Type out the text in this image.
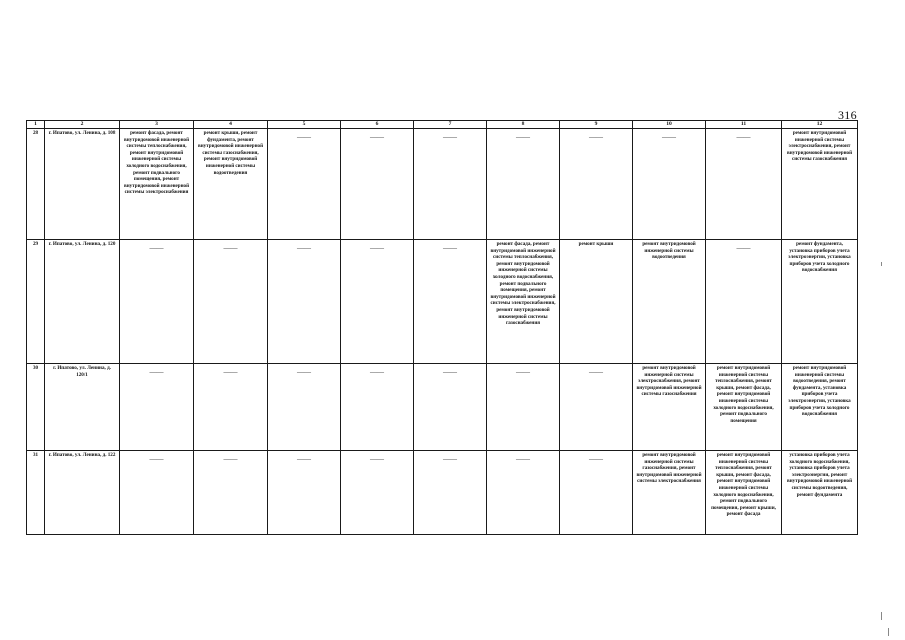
316
1	2	3	4	5	6	7	8	9	10	11	12
28	г. Ипатово, ул. Ленина, д. 108	ремонт фасада, ремонт внутридомовой инженерной системы теплоснабжения, ремонт внутридомовой инженерной системы холодного водоснабжения, ремонт подвального помещения, ремонт внутридомовой инженерной системы электроснабжения	ремонт крыши, ремонт фундамента, ремонт внутридомовой инженерной системы газоснабжения, ремонт внутридомовой инженерной системы водоотведения	——	——	——	——	——	——	——	ремонт внутридомовой инженерной системы электроснабжения, ремонт внутридомовой инженерной системы газоснабжения
29	г. Ипатово, ул. Ленина, д. 120	——	——	——	——	——	ремонт фасада, ремонт внутридомовой инженерной системы теплоснабжения, ремонт внутридомовой инженерной системы холодного водоснабжения, ремонт подвального помещения, ремонт внутридомовой инженерной системы электроснабжения, ремонт внутридомовой инженерной системы газоснабжения	ремонт крыши	ремонт внутридомовой инженерной системы водоотведения	——	ремонт фундамента, установка приборов учета электроэнергии, установка приборов учета холодного водоснабжения
30	г. Ипатово, ул. Ленина, д. 120/1	——	——	——	——	——	——	——	ремонт внутридомовой инженерной системы электроснабжения, ремонт внутридомовой инженерной системы газоснабжения	ремонт внутридомовой инженерной системы теплоснабжения, ремонт крыши, ремонт фасада, ремонт внутридомовой инженерной системы холодного водоснабжения, ремонт подвального помещения	ремонт внутридомовой инженерной системы водоотведения, ремонт фундамента, установка приборов учета электроэнергии, установка приборов учета холодного водоснабжения
31	г. Ипатово, ул. Ленина, д. 122	——	——	——	——	——	——	——	ремонт внутридомовой инженерной системы газоснабжения, ремонт внутридомовой инженерной системы электроснабжения	ремонт внутридомовой инженерной системы теплоснабжения, ремонт крыши, ремонт фасада, ремонт внутридомовой инженерной системы холодного водоснабжения, ремонт подвального помещения, ремонт крыши, ремонт фасада	установка приборов учета холодного водоснабжения, установка приборов учета электроэнергии, ремонт внутридомовой инженерной системы водоотведения, ремонт фундамента
